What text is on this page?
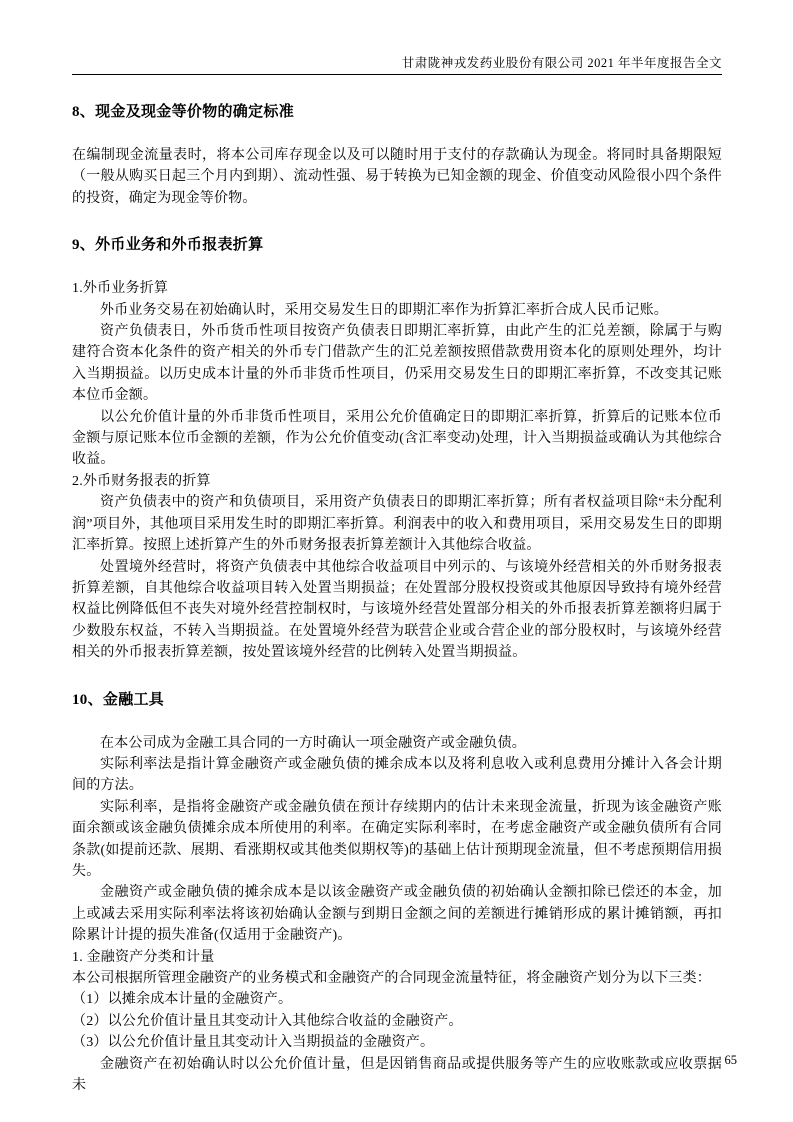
甘肃陇神戎发药业股份有限公司 2021 年半年度报告全文
8、现金及现金等价物的确定标准

在编制现金流量表时，将本公司库存现金以及可以随时用于支付的存款确认为现金。将同时具备期限短（一般从购买日起三个月内到期）、流动性强、易于转换为已知金额的现金、价值变动风险很小四个条件的投资，确定为现金等价物。

9、外币业务和外币报表折算

1.外币业务折算

外币业务交易在初始确认时，采用交易发生日的即期汇率作为折算汇率折合成人民币记账。

资产负债表日，外币货币性项目按资产负债表日即期汇率折算，由此产生的汇兑差额，除属于与购建符合资本化条件的资产相关的外币专门借款产生的汇兑差额按照借款费用资本化的原则处理外，均计入当期损益。以历史成本计量的外币非货币性项目，仍采用交易发生日的即期汇率折算，不改变其记账本位币金额。

以公允价值计量的外币非货币性项目，采用公允价值确定日的即期汇率折算，折算后的记账本位币金额与原记账本位币金额的差额，作为公允价值变动(含汇率变动)处理，计入当期损益或确认为其他综合收益。

2.外币财务报表的折算

资产负债表中的资产和负债项目，采用资产负债表日的即期汇率折算；所有者权益项目除“未分配利润”项目外，其他项目采用发生时的即期汇率折算。利润表中的收入和费用项目，采用交易发生日的即期汇率折算。按照上述折算产生的外币财务报表折算差额计入其他综合收益。

处置境外经营时，将资产负债表中其他综合收益项目中列示的、与该境外经营相关的外币财务报表折算差额，自其他综合收益项目转入处置当期损益；在处置部分股权投资或其他原因导致持有境外经营权益比例降低但不丧失对境外经营控制权时，与该境外经营处置部分相关的外币报表折算差额将归属于少数股东权益，不转入当期损益。在处置境外经营为联营企业或合营企业的部分股权时，与该境外经营相关的外币报表折算差额，按处置该境外经营的比例转入处置当期损益。

10、金融工具

在本公司成为金融工具合同的一方时确认一项金融资产或金融负债。

实际利率法是指计算金融资产或金融负债的摊余成本以及将利息收入或利息费用分摊计入各会计期间的方法。

实际利率，是指将金融资产或金融负债在预计存续期内的估计未来现金流量，折现为该金融资产账面余额或该金融负债摊余成本所使用的利率。在确定实际利率时，在考虑金融资产或金融负债所有合同条款(如提前还款、展期、看涨期权或其他类似期权等)的基础上估计预期现金流量，但不考虑预期信用损失。

金融资产或金融负债的摊余成本是以该金融资产或金融负债的初始确认金额扣除已偿还的本金，加上或减去采用实际利率法将该初始确认金额与到期日金额之间的差额进行摊销形成的累计摊销额，再扣除累计计提的损失准备(仅适用于金融资产)。

1. 金融资产分类和计量

本公司根据所管理金融资产的业务模式和金融资产的合同现金流量特征，将金融资产划分为以下三类：

（1）以摊余成本计量的金融资产。

（2）以公允价值计量且其变动计入其他综合收益的金融资产。

（3）以公允价值计量且其变动计入当期损益的金融资产。

金融资产在初始确认时以公允价值计量，但是因销售商品或提供服务等产生的应收账款或应收票据未

65
